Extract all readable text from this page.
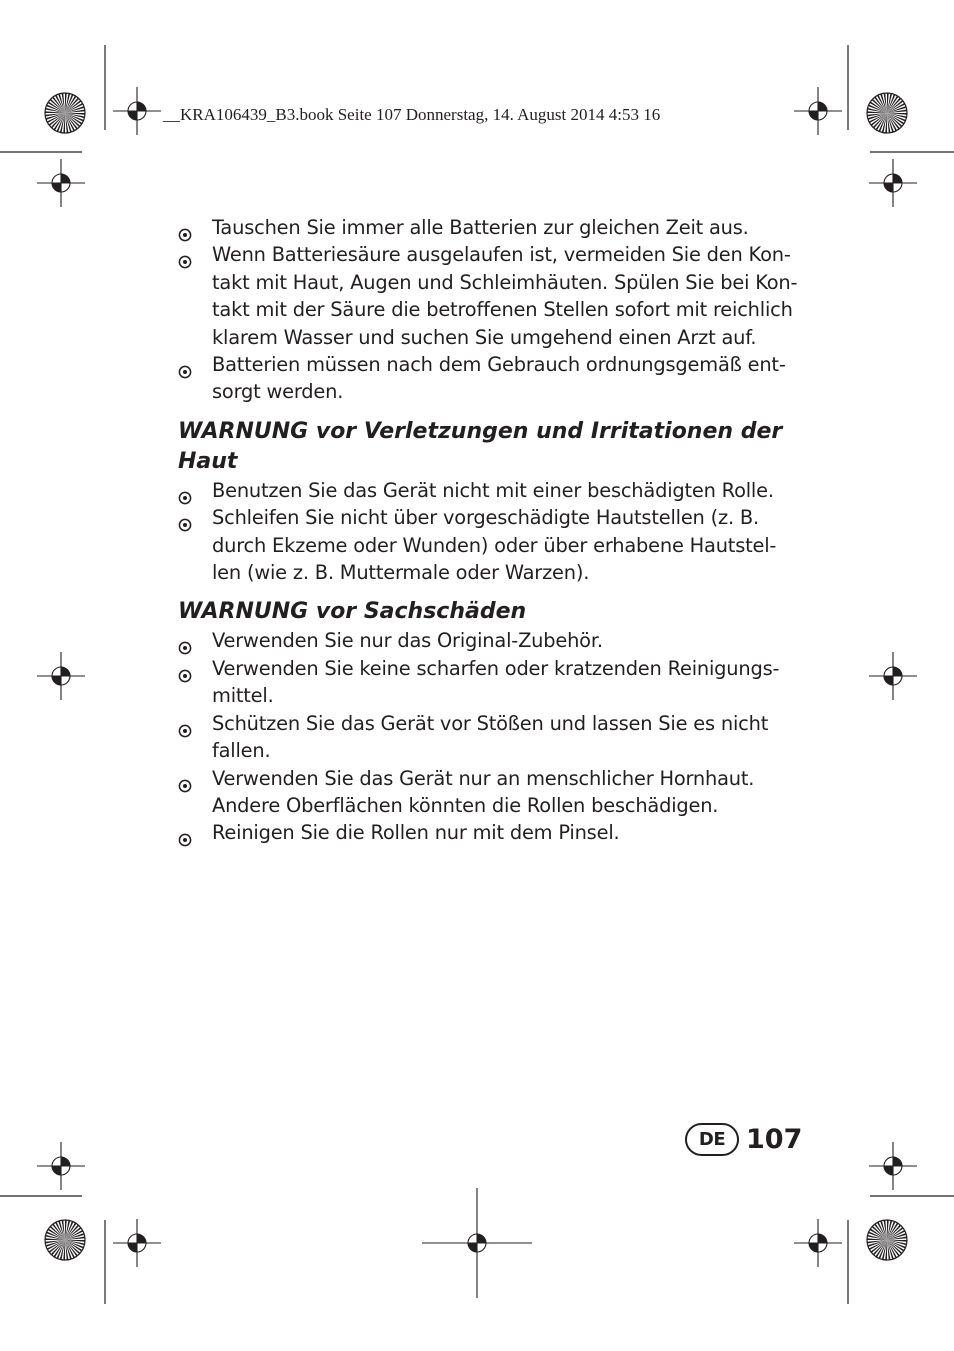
__KRA106439_B3.book Seite 107 Donnerstag, 14. August 2014 4:53 16
Tauschen Sie immer alle Batterien zur gleichen Zeit aus.
Wenn Batteriesäure ausgelaufen ist, vermeiden Sie den Kon-
takt mit Haut, Augen und Schleimhäuten. Spülen Sie bei Kon-
takt mit der Säure die betroffenen Stellen sofort mit reichlich
klarem Wasser und suchen Sie umgehend einen Arzt auf.
Batterien müssen nach dem Gebrauch ordnungsgemäß ent-
sorgt werden.
WARNUNG vor Verletzungen und Irritationen der Haut
Benutzen Sie das Gerät nicht mit einer beschädigten Rolle.
Schleifen Sie nicht über vorgeschädigte Hautstellen (z. B.
durch Ekzeme oder Wunden) oder über erhabene Hautstel-
len (wie z. B. Muttermale oder Warzen).
WARNUNG vor Sachschäden
Verwenden Sie nur das Original-Zubehör.
Verwenden Sie keine scharfen oder kratzenden Reinigungs-
mittel.
Schützen Sie das Gerät vor Stößen und lassen Sie es nicht
fallen.
Verwenden Sie das Gerät nur an menschlicher Hornhaut.
Andere Oberflächen könnten die Rollen beschädigen.
Reinigen Sie die Rollen nur mit dem Pinsel.
DE 107
